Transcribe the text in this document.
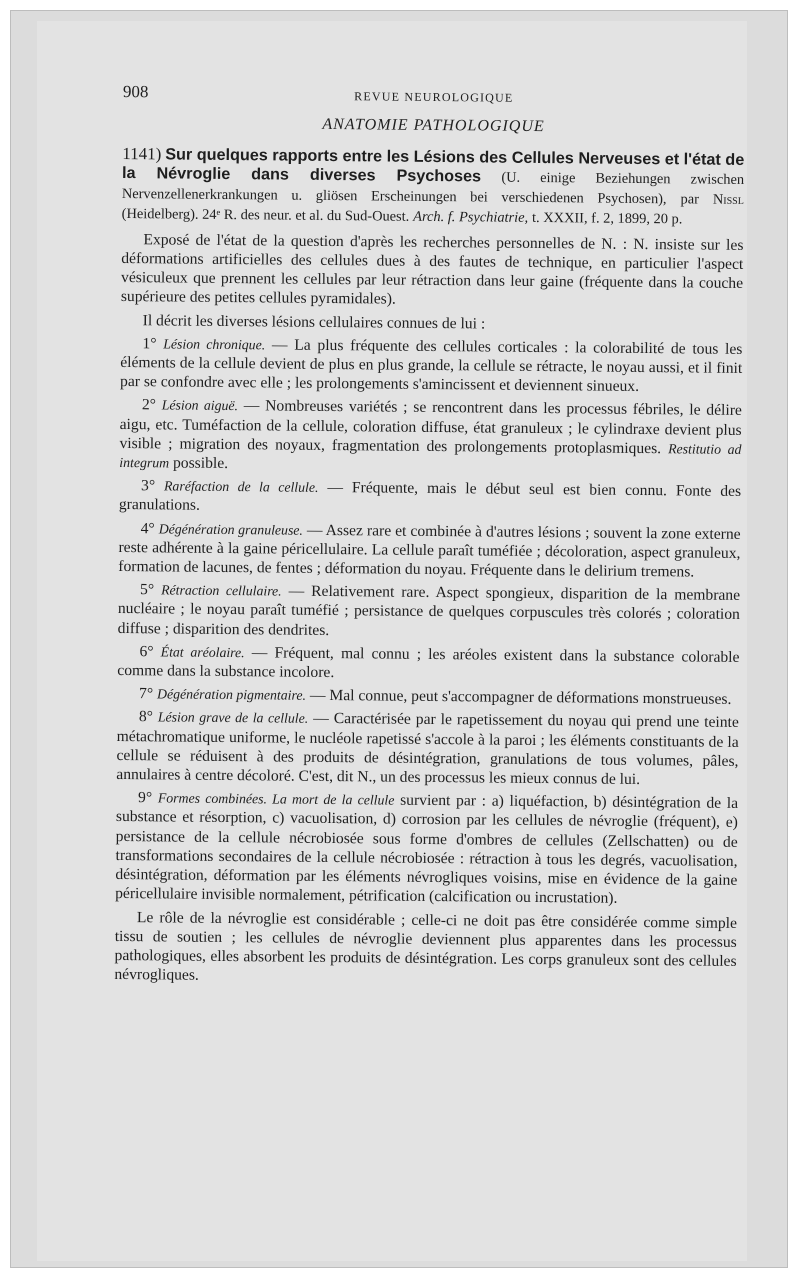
908	REVUE NEUROLOGIQUE
ANATOMIE PATHOLOGIQUE

1141) Sur quelques rapports entre les Lésions des Cellules Nerveuses et l'état de la Névroglie dans diverses Psychoses (U. einige Beziehungen zwischen Nervenzellenerkrankungen u. gliösen Erscheinungen bei verschiedenen Psychosen), par Nissl (Heidelberg). 24ᵉ R. des neur. et al. du Sud-Ouest. Arch. f. Psychiatrie, t. XXXII, f. 2, 1899, 20 p.

Exposé de l'état de la question d'après les recherches personnelles de N. : N. insiste sur les déformations artificielles des cellules dues à des fautes de technique, en particulier l'aspect vésiculeux que prennent les cellules par leur rétraction dans leur gaine (fréquente dans la couche supérieure des petites cellules pyramidales).

Il décrit les diverses lésions cellulaires connues de lui :

1° Lésion chronique. — La plus fréquente des cellules corticales : la colorabilité de tous les éléments de la cellule devient de plus en plus grande, la cellule se rétracte, le noyau aussi, et il finit par se confondre avec elle ; les prolongements s'amincissent et deviennent sinueux.

2° Lésion aiguë. — Nombreuses variétés ; se rencontrent dans les processus fébriles, le délire aigu, etc. Tuméfaction de la cellule, coloration diffuse, état granuleux ; le cylindraxe devient plus visible ; migration des noyaux, fragmentation des prolongements protoplasmiques. Restitutio ad integrum possible.

3° Raréfaction de la cellule. — Fréquente, mais le début seul est bien connu. Fonte des granulations.

4° Dégénération granuleuse. — Assez rare et combinée à d'autres lésions ; souvent la zone externe reste adhérente à la gaine péricellulaire. La cellule paraît tuméfiée ; décoloration, aspect granuleux, formation de lacunes, de fentes ; déformation du noyau. Fréquente dans le delirium tremens.

5° Rétraction cellulaire. — Relativement rare. Aspect spongieux, disparition de la membrane nucléaire ; le noyau paraît tuméfié ; persistance de quelques corpuscules très colorés ; coloration diffuse ; disparition des dendrites.

6° État aréolaire. — Fréquent, mal connu ; les aréoles existent dans la substance colorable comme dans la substance incolore.

7° Dégénération pigmentaire. — Mal connue, peut s'accompagner de déformations monstrueuses.

8° Lésion grave de la cellule. — Caractérisée par le rapetissement du noyau qui prend une teinte métachromatique uniforme, le nucléole rapetissé s'accole à la paroi ; les éléments constituants de la cellule se réduisent à des produits de désintégration, granulations de tous volumes, pâles, annulaires à centre décoloré. C'est, dit N., un des processus les mieux connus de lui.

9° Formes combinées. La mort de la cellule survient par : a) liquéfaction, b) désintégration de la substance et résorption, c) vacuolisation, d) corrosion par les cellules de névroglie (fréquent), e) persistance de la cellule nécrobiosée sous forme d'ombres de cellules (Zellschatten) ou de transformations secondaires de la cellule nécrobiosée : rétraction à tous les degrés, vacuolisation, désintégration, déformation par les éléments névrogliques voisins, mise en évidence de la gaine péricellulaire invisible normalement, pétrification (calcification ou incrustation).

Le rôle de la névroglie est considérable ; celle-ci ne doit pas être considérée comme simple tissu de soutien ; les cellules de névroglie deviennent plus apparentes dans les processus pathologiques, elles absorbent les produits de désintégration. Les corps granuleux sont des cellules névrogliques.
